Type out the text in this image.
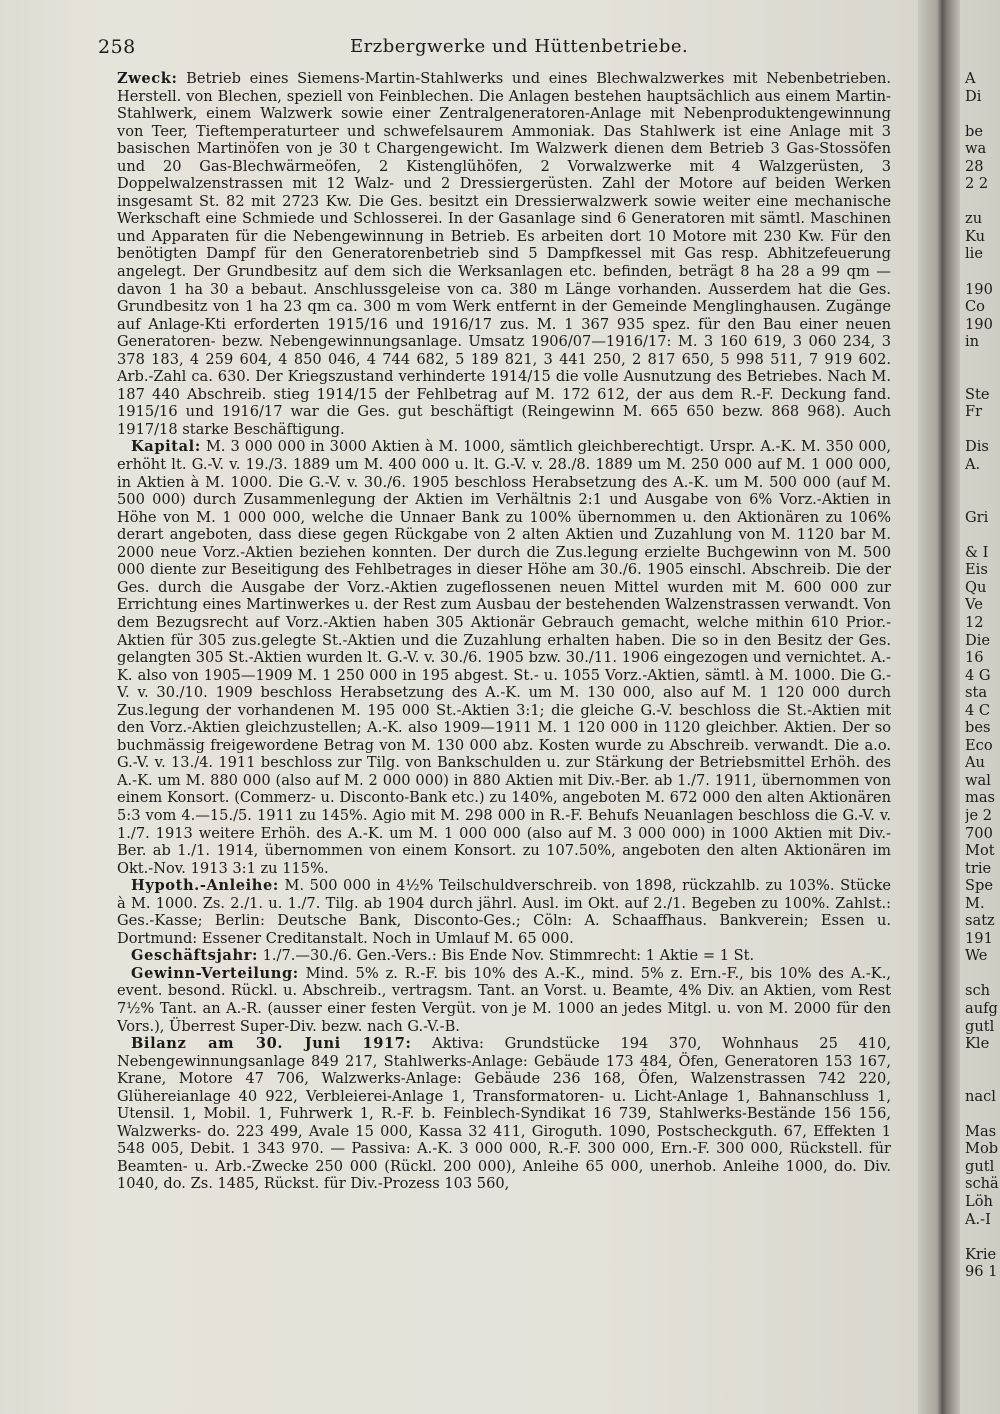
258	Erzbergwerke und Hüttenbetriebe.

Zweck: Betrieb eines Siemens-Martin-Stahlwerks und eines Blechwalzwerkes mit Nebenbetrieben. Herstell. von Blechen, speziell von Feinblechen. Die Anlagen bestehen hauptsächlich aus einem Martin-Stahlwerk, einem Walzwerk sowie einer Zentralgeneratoren-Anlage mit Nebenproduktengewinnung von Teer, Tieftemperaturteer und schwefelsaurem Ammoniak. Das Stahlwerk ist eine Anlage mit 3 basischen Martinöfen von je 30 t Chargengewicht. Im Walzwerk dienen dem Betrieb 3 Gas-Stossöfen und 20 Gas-Blechwärmeöfen, 2 Kistenglühöfen, 2 Vorwalzwerke mit 4 Walzgerüsten, 3 Doppelwalzenstrassen mit 12 Walz- und 2 Dressiergerüsten. Zahl der Motore auf beiden Werken insgesamt St. 82 mit 2723 Kw. Die Ges. besitzt ein Dressierwalzwerk sowie weiter eine mechanische Werkschaft eine Schmiede und Schlosserei. In der Gasanlage sind 6 Generatoren mit sämtl. Maschinen und Apparaten für die Nebengewinnung in Betrieb. Es arbeiten dort 10 Motore mit 230 Kw. Für den benötigten Dampf für den Generatorenbetrieb sind 5 Dampfkessel mit Gas resp. Abhitzefeuerung angelegt. Der Grundbesitz auf dem sich die Werksanlagen etc. befinden, beträgt 8 ha 28 a 99 qm — davon 1 ha 30 a bebaut. Anschlussgeleise von ca. 380 m Länge vorhanden. Ausserdem hat die Ges. Grundbesitz von 1 ha 23 qm ca. 300 m vom Werk entfernt in der Gemeinde Menglinghausen. Zugänge auf Anlage-Kti erforderten 1915/16 und 1916/17 zus. M. 1 367 935 spez. für den Bau einer neuen Generatoren- bezw. Nebengewinnungsanlage. Umsatz 1906/07—1916/17: M. 3 160 619, 3 060 234, 3 378 183, 4 259 604, 4 850 046, 4 744 682, 5 189 821, 3 441 250, 2 817 650, 5 998 511, 7 919 602. Arb.-Zahl ca. 630. Der Kriegszustand verhinderte 1914/15 die volle Ausnutzung des Betriebes. Nach M. 187 440 Abschreib. stieg 1914/15 der Fehlbetrag auf M. 172 612, der aus dem R.-F. Deckung fand. 1915/16 und 1916/17 war die Ges. gut beschäftigt (Reingewinn M. 665 650 bezw. 868 968). Auch 1917/18 starke Beschäftigung.

Kapital: M. 3 000 000 in 3000 Aktien à M. 1000, sämtlich gleichberechtigt. Urspr. A.-K. M. 350 000, erhöht lt. G.-V. v. 19./3. 1889 um M. 400 000 u. lt. G.-V. v. 28./8. 1889 um M. 250 000 auf M. 1 000 000, in Aktien à M. 1000. Die G.-V. v. 30./6. 1905 beschloss Herabsetzung des A.-K. um M. 500 000 (auf M. 500 000) durch Zusammenlegung der Aktien im Verhältnis 2:1 und Ausgabe von 6% Vorz.-Aktien in Höhe von M. 1 000 000, welche die Unnaer Bank zu 100% übernommen u. den Aktionären zu 106% derart angeboten, dass diese gegen Rückgabe von 2 alten Aktien und Zuzahlung von M. 1120 bar M. 2000 neue Vorz.-Aktien beziehen konnten. Der durch die Zus.legung erzielte Buchgewinn von M. 500 000 diente zur Beseitigung des Fehlbetrages in dieser Höhe am 30./6. 1905 einschl. Abschreib. Die der Ges. durch die Ausgabe der Vorz.-Aktien zugeflossenen neuen Mittel wurden mit M. 600 000 zur Errichtung eines Martinwerkes u. der Rest zum Ausbau der bestehenden Walzenstrassen verwandt. Von dem Bezugsrecht auf Vorz.-Aktien haben 305 Aktionär Gebrauch gemacht, welche mithin 610 Prior.-Aktien für 305 zus.gelegte St.-Aktien und die Zuzahlung erhalten haben. Die so in den Besitz der Ges. gelangten 305 St.-Aktien wurden lt. G.-V. v. 30./6. 1905 bzw. 30./11. 1906 eingezogen und vernichtet. A.-K. also von 1905—1909 M. 1 250 000 in 195 abgest. St.- u. 1055 Vorz.-Aktien, sämtl. à M. 1000. Die G.-V. v. 30./10. 1909 beschloss Herabsetzung des A.-K. um M. 130 000, also auf M. 1 120 000 durch Zus.legung der vorhandenen M. 195 000 St.-Aktien 3:1; die gleiche G.-V. beschloss die St.-Aktien mit den Vorz.-Aktien gleichzustellen; A.-K. also 1909—1911 M. 1 120 000 in 1120 gleichber. Aktien. Der so buchmässig freigewordene Betrag von M. 130 000 abz. Kosten wurde zu Abschreib. verwandt. Die a.o. G.-V. v. 13./4. 1911 beschloss zur Tilg. von Bankschulden u. zur Stärkung der Betriebsmittel Erhöh. des A.-K. um M. 880 000 (also auf M. 2 000 000) in 880 Aktien mit Div.-Ber. ab 1./7. 1911, übernommen von einem Konsort. (Commerz- u. Disconto-Bank etc.) zu 140%, angeboten M. 672 000 den alten Aktionären 5:3 vom 4.—15./5. 1911 zu 145%. Agio mit M. 298 000 in R.-F. Behufs Neuanlagen beschloss die G.-V. v. 1./7. 1913 weitere Erhöh. des A.-K. um M. 1 000 000 (also auf M. 3 000 000) in 1000 Aktien mit Div.-Ber. ab 1./1. 1914, übernommen von einem Konsort. zu 107.50%, angeboten den alten Aktionären im Okt.-Nov. 1913 3:1 zu 115%.

Hypoth.-Anleihe: M. 500 000 in 4½% Teilschuldverschreib. von 1898, rückzahlb. zu 103%. Stücke à M. 1000. Zs. 2./1. u. 1./7. Tilg. ab 1904 durch jährl. Ausl. im Okt. auf 2./1. Begeben zu 100%. Zahlst.: Ges.-Kasse; Berlin: Deutsche Bank, Disconto-Ges.; Cöln: A. Schaaffhaus. Bankverein; Essen u. Dortmund: Essener Creditanstalt. Noch in Umlauf M. 65 000.

Geschäftsjahr: 1./7.—30./6. Gen.-Vers.: Bis Ende Nov. Stimmrecht: 1 Aktie = 1 St.

Gewinn-Verteilung: Mind. 5% z. R.-F. bis 10% des A.-K., mind. 5% z. Ern.-F., bis 10% des A.-K., event. besond. Rückl. u. Abschreib., vertragsm. Tant. an Vorst. u. Beamte, 4% Div. an Aktien, vom Rest 7½% Tant. an A.-R. (ausser einer festen Vergüt. von je M. 1000 an jedes Mitgl. u. von M. 2000 für den Vors.), Überrest Super-Div. bezw. nach G.-V.-B.

Bilanz am 30. Juni 1917: Aktiva: Grundstücke 194 370, Wohnhaus 25 410, Nebengewinnungsanlage 849 217, Stahlwerks-Anlage: Gebäude 173 484, Öfen, Generatoren 153 167, Krane, Motore 47 706, Walzwerks-Anlage: Gebäude 236 168, Öfen, Walzenstrassen 742 220, Glühereianlage 40 922, Verbleierei-Anlage 1, Transformatoren- u. Licht-Anlage 1, Bahnanschluss 1, Utensil. 1, Mobil. 1, Fuhrwerk 1, R.-F. b. Feinblech-Syndikat 16 739, Stahlwerks-Bestände 156 156, Walzwerks- do. 223 499, Avale 15 000, Kassa 32 411, Giroguth. 1090, Postscheckguth. 67, Effekten 1 548 005, Debit. 1 343 970. — Passiva: A.-K. 3 000 000, R.-F. 300 000, Ern.-F. 300 000, Rückstell. für Beamten- u. Arb.-Zwecke 250 000 (Rückl. 200 000), Anleihe 65 000, unerhob. Anleihe 1000, do. Div. 1040, do. Zs. 1485, Rückst. für Div.-Prozess 103 560,

A
Di
be
wa
28
2 2
zu
Ku
lie
190
Co
190
in
Ste
Fr
Dis
A.
Gri
& I
Eis
Qu
Ve
12
Die
16
4 G
sta
4 C
bes
Eco
Au
wal
mas
je 2
700
Mot
trie
Spe
M.
satz
191
We
sch
aufg
gutl
Kle
nacl
Mas
Mob
gutl
schä
Löh
A.-I
Krie
96 1
